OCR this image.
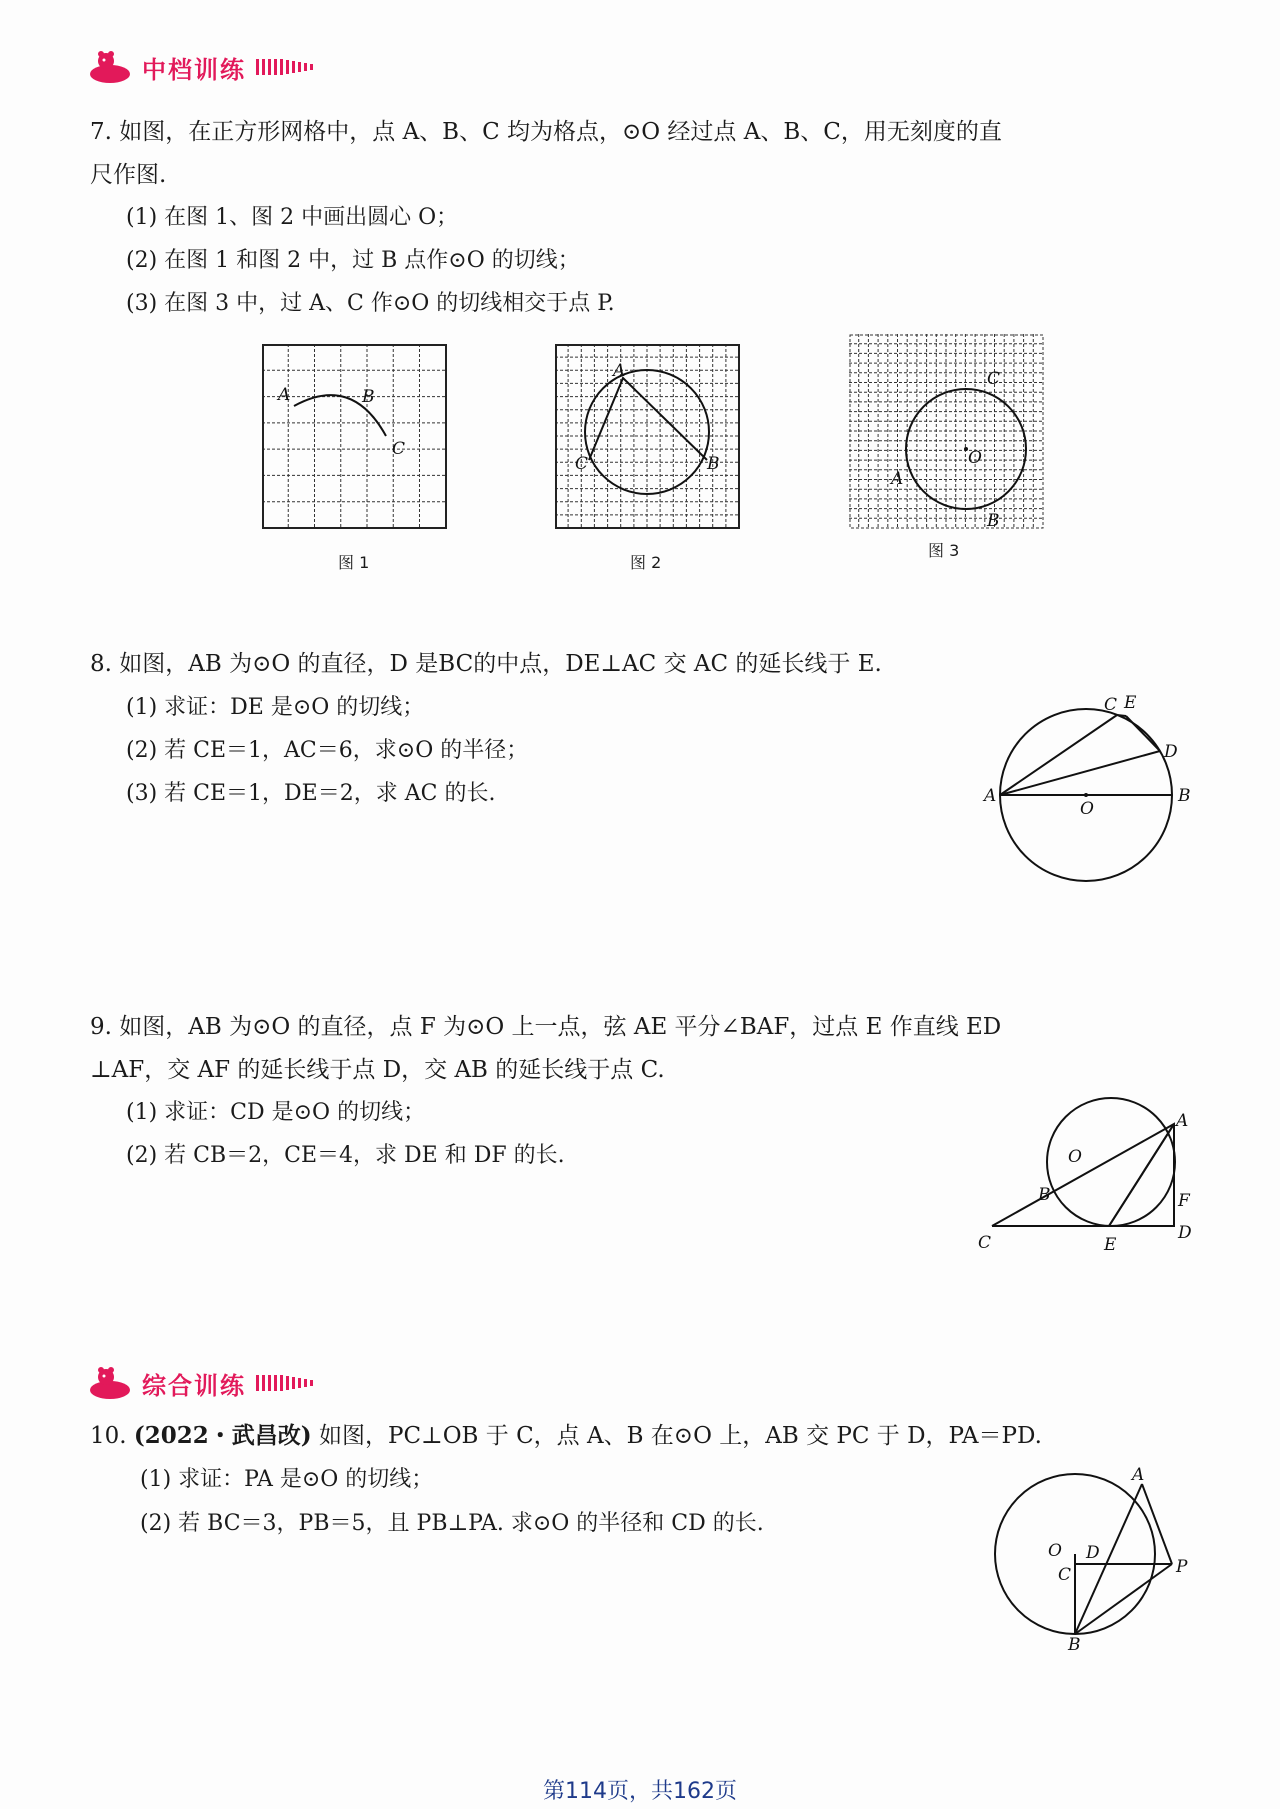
中档训练
7. 如图，在正方形网格中，点 A、B、C 均为格点，⊙O 经过点 A、B、C，用无刻度的直
尺作图.
(1) 在图 1、图 2 中画出圆心 O；
(2) 在图 1 和图 2 中，过 B 点作⊙O 的切线；
(3) 在图 3 中，过 A、C 作⊙O 的切线相交于点 P.
A	B
C
图 1
A
C	B
图 2
O
C
A
B
图 3
8. 如图，AB 为⊙O 的直径，D 是BC的中点，DE⊥AC 交 AC 的延长线于 E.
(1) 求证：DE 是⊙O 的切线；
(2) 若 CE＝1，AC＝6，求⊙O 的半径；
(3) 若 CE＝1，DE＝2，求 AC 的长.	A	B
O
C E
D
9. 如图，AB 为⊙O 的直径，点 F 为⊙O 上一点，弦 AE 平分∠BAF，过点 E 作直线 ED
⊥AF，交 AF 的延长线于点 D，交 AB 的延长线于点 C.
(1) 求证：CD 是⊙O 的切线；
(2) 若 CB＝2，CE＝4，求 DE 和 DF 的长.	O
A
B	F
C	E
D
综合训练
10. (2022・武昌改) 如图，PC⊥OB 于 C，点 A、B 在⊙O 上，AB 交 PC 于 D，PA＝PD.
(1) 求证：PA 是⊙O 的切线；
(2) 若 BC＝3，PB＝5，且 PB⊥PA. 求⊙O 的半径和 CD 的长.
O
C
D
A
P
B
第114页，共162页
